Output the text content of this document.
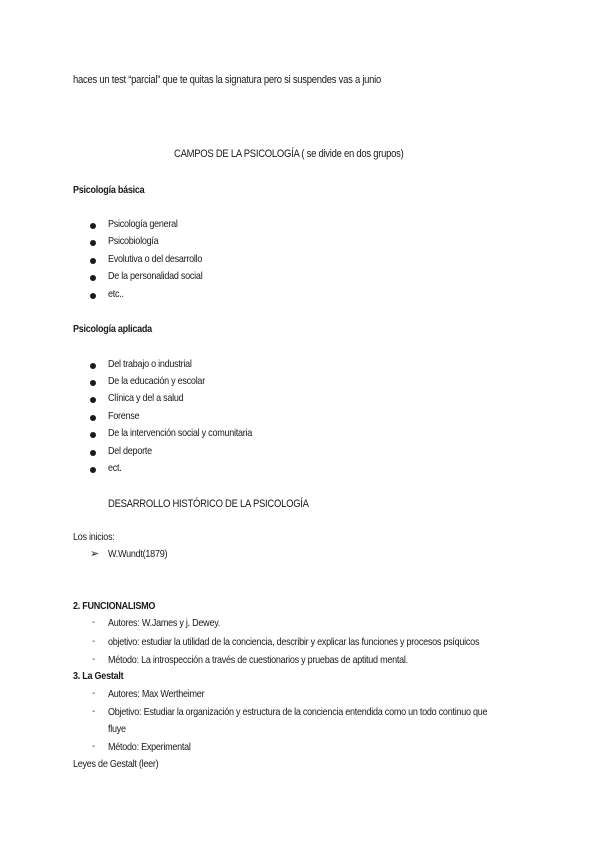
haces un test “parcial” que te quitas la signatura pero si suspendes vas a junio
CAMPOS DE LA PSICOLOGÍA ( se divide en dos grupos)
Psicología básica
Psicología general
Psicobiología
Evolutiva o del desarrollo
De la personalidad social
etc..
Psicología aplicada
Del trabajo o industrial
De la educación y escolar
Clínica y del a salud
Forense
De la intervención social y comunitaria
Del deporte
ect.
DESARROLLO HISTÓRICO DE LA PSICOLOGÍA
Los inicios:
➢ W.Wundt(1879)
2. FUNCIONALISMO
- Autores: W.James y j. Dewey.
- objetivo: estudiar la utilidad de la conciencia, describir y explicar las funciones y procesos psíquicos
- Método: La introspección a través de cuestionarios y pruebas de aptitud mental.
3. La Gestalt
- Autores: Max Wertheimer
- Objetivo: Estudiar la organización y estructura de la conciencia entendida como un todo continuo que
fluye
- Método: Experimental
Leyes de Gestalt (leer)
